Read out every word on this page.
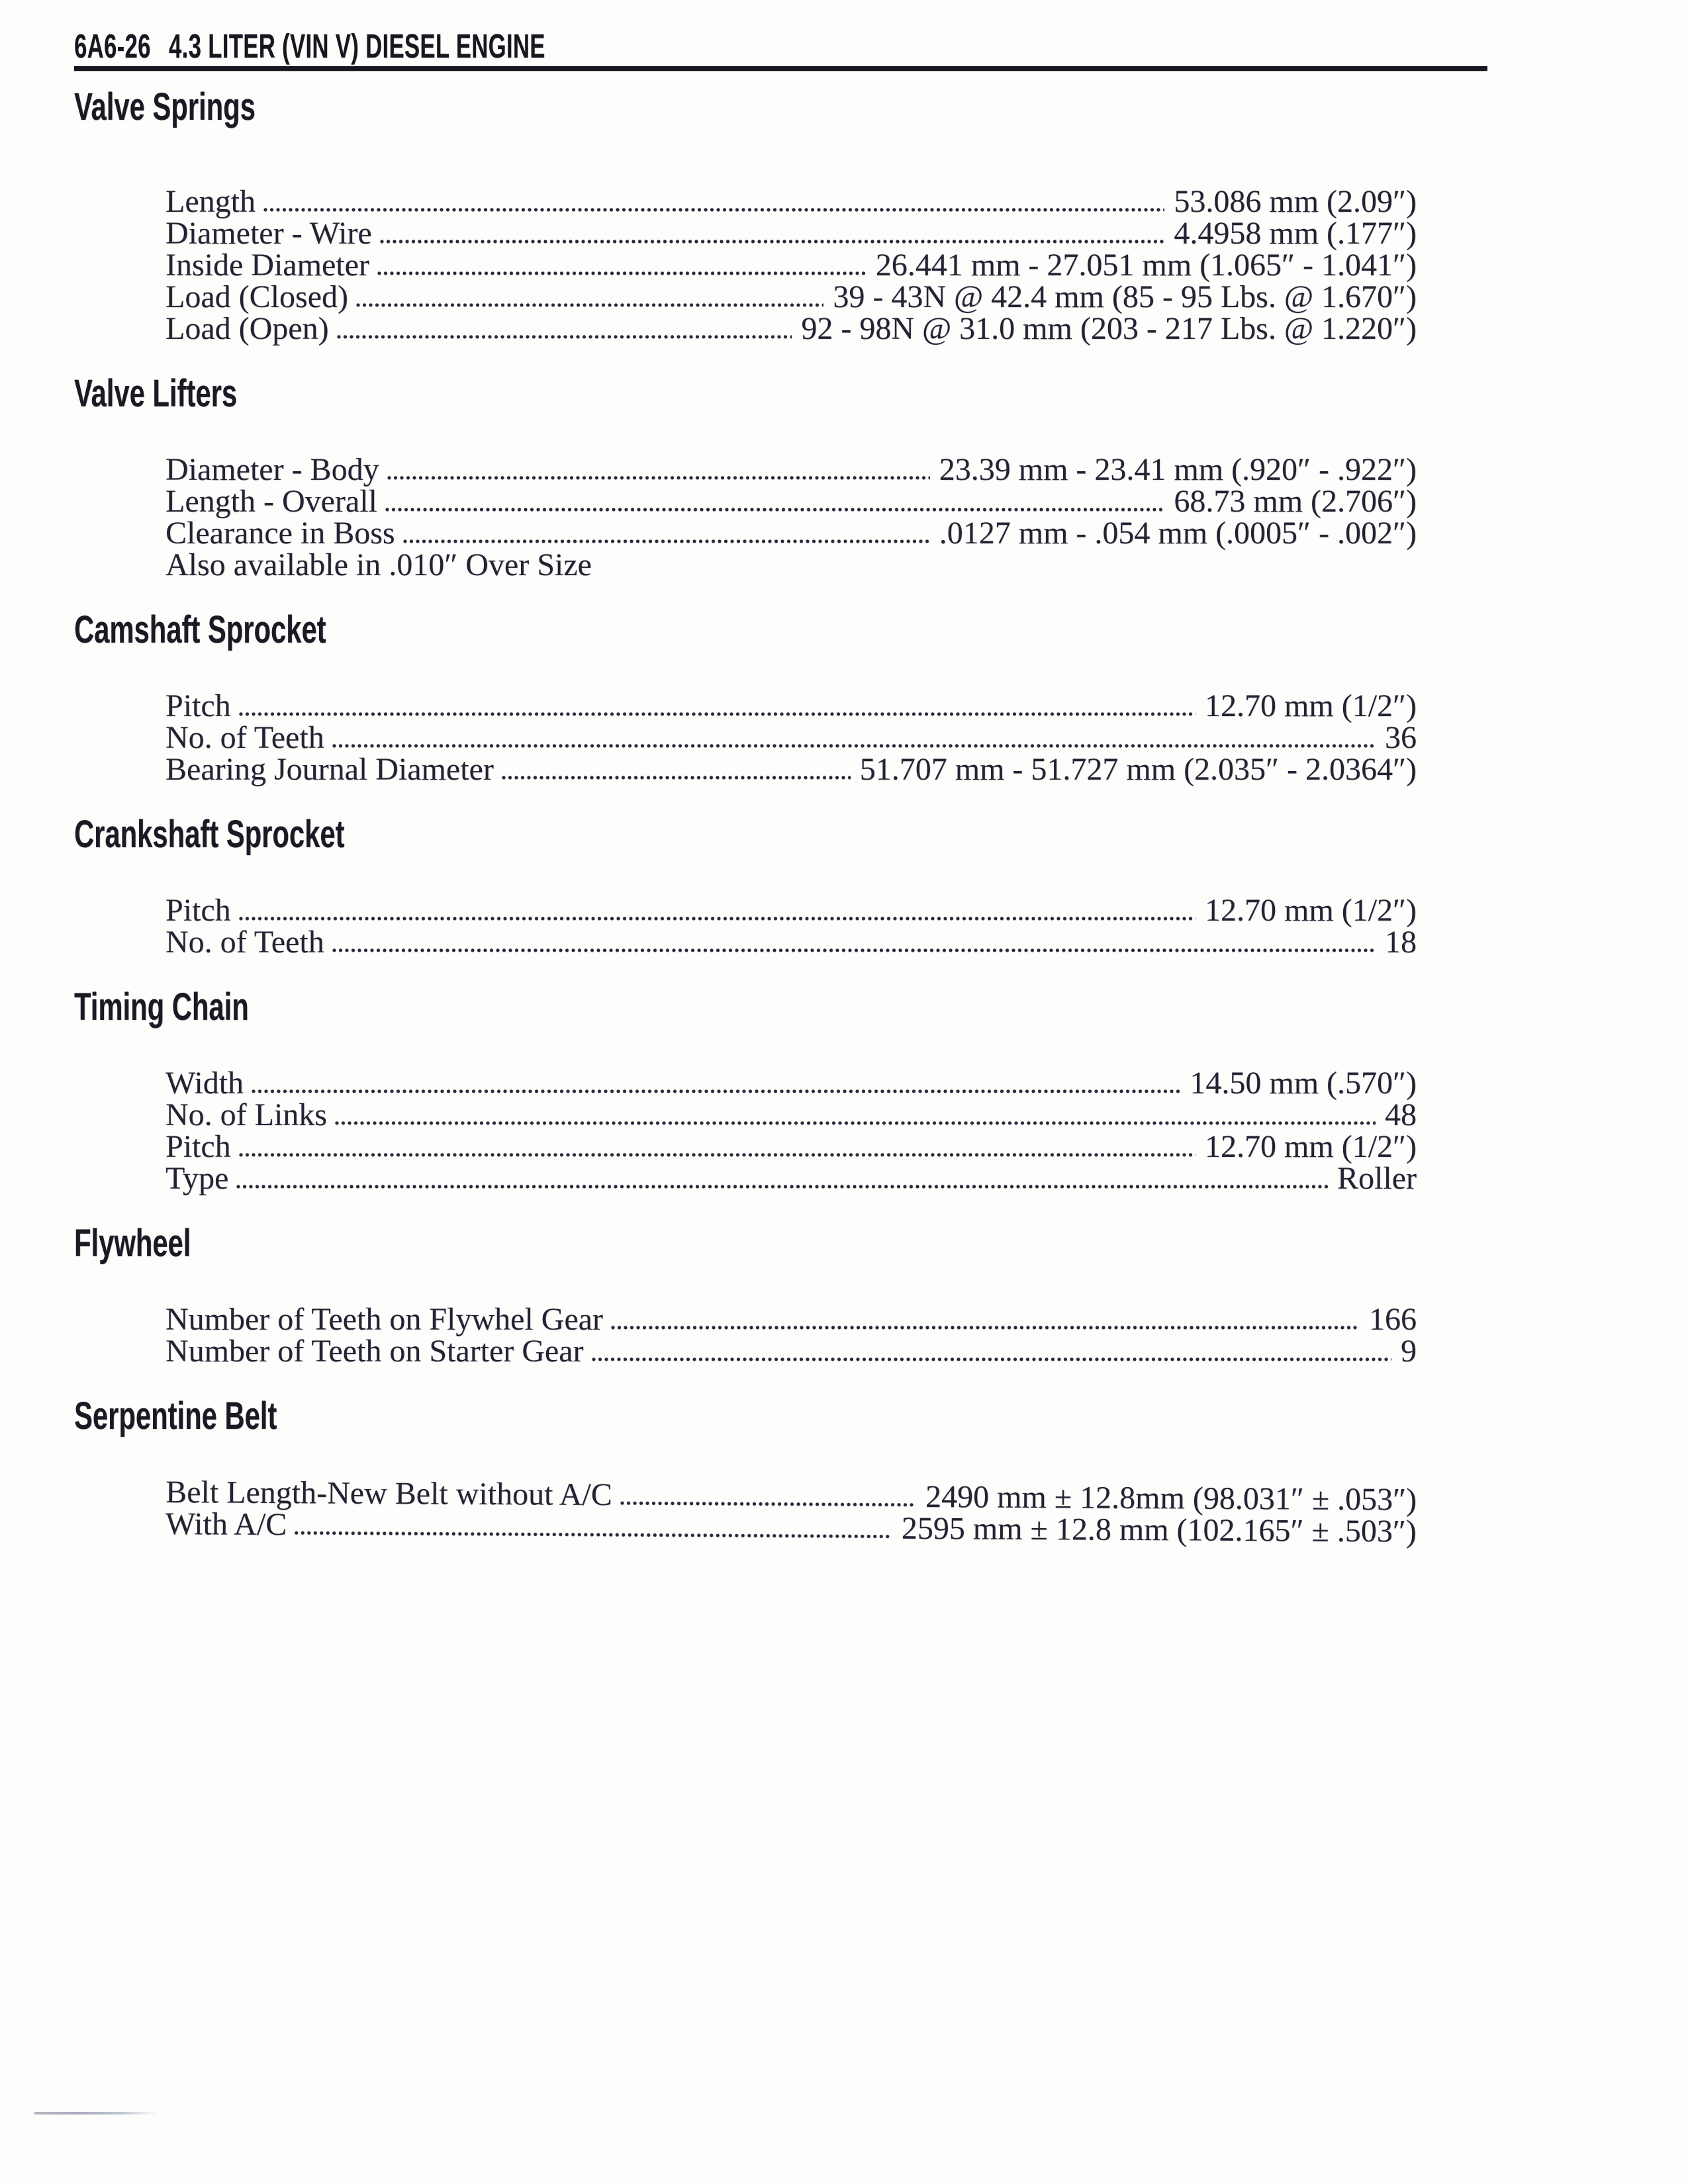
6A6-26 4.3 LITER (VIN V) DIESEL ENGINE
Valve Springs
Length	53.086 mm (2.09″)
Diameter - Wire	4.4958 mm (.177″)
Inside Diameter	26.441 mm - 27.051 mm (1.065″ - 1.041″)
Load (Closed)	39 - 43N @ 42.4 mm (85 - 95 Lbs. @ 1.670″)
Load (Open)	92 - 98N @ 31.0 mm (203 - 217 Lbs. @ 1.220″)
Valve Lifters
Diameter - Body	23.39 mm - 23.41 mm (.920″ - .922″)
Length - Overall	68.73 mm (2.706″)
Clearance in Boss	.0127 mm - .054 mm (.0005″ - .002″)
Also available in .010″ Over Size
Camshaft Sprocket
Pitch	12.70 mm (1/2″)
No. of Teeth	36
Bearing Journal Diameter	51.707 mm - 51.727 mm (2.035″ - 2.0364″)
Crankshaft Sprocket
Pitch	12.70 mm (1/2″)
No. of Teeth	18
Timing Chain
Width	14.50 mm (.570″)
No. of Links	48
Pitch	12.70 mm (1/2″)
Type	Roller
Flywheel
Number of Teeth on Flywhel Gear	166
Number of Teeth on Starter Gear	9
Serpentine Belt
Belt Length-New Belt without A/C	2490 mm ± 12.8mm (98.031″ ± .053″)
With A/C	2595 mm ± 12.8 mm (102.165″ ± .503″)
